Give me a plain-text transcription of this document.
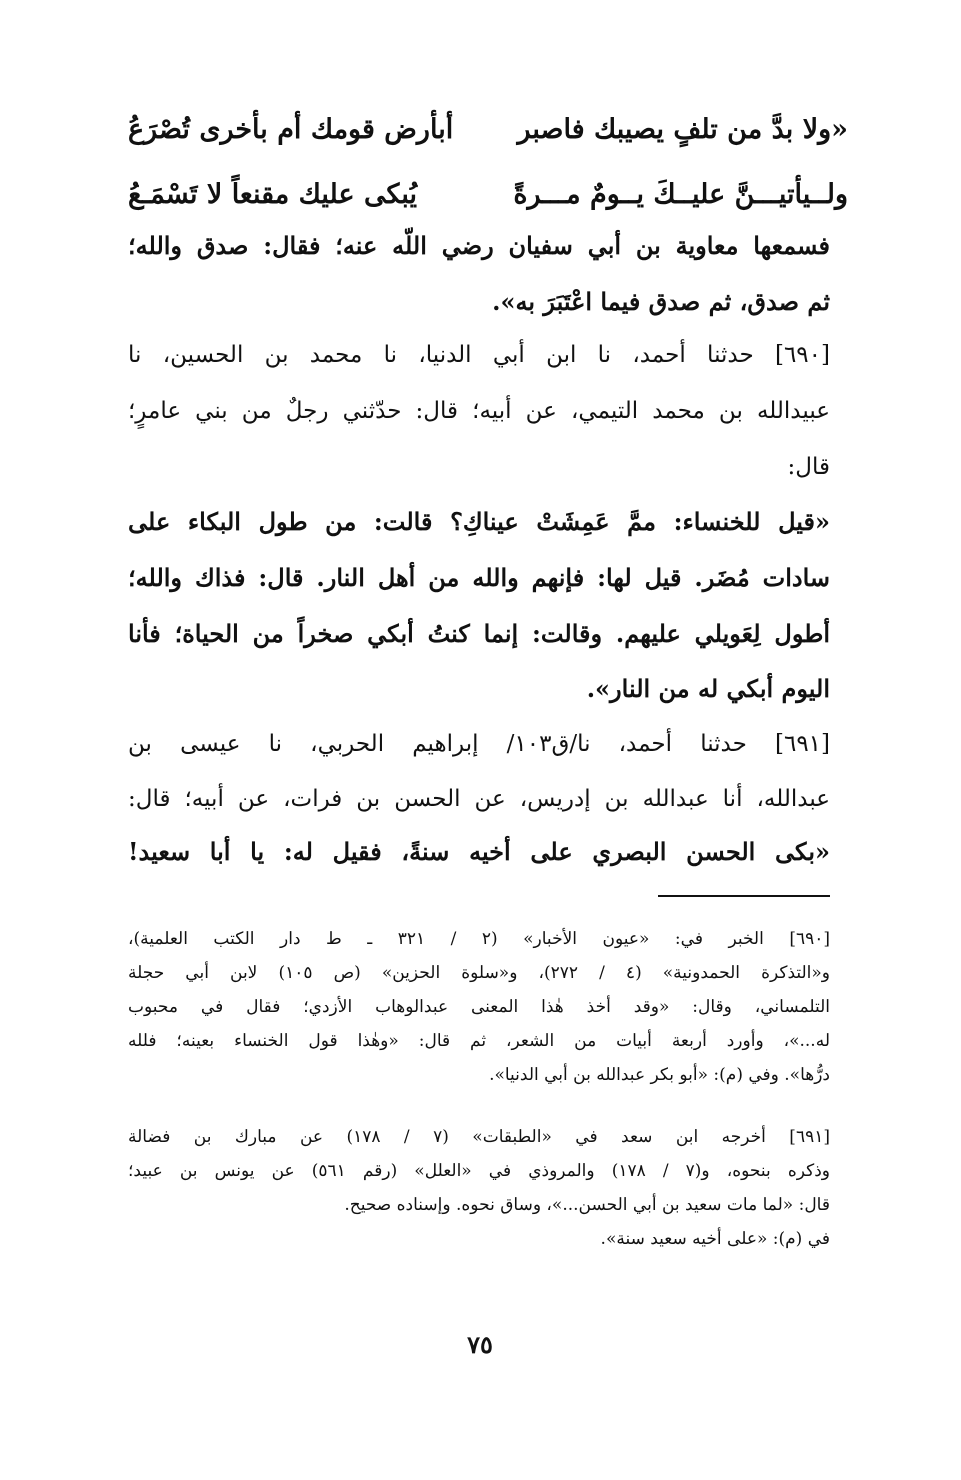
«ولا بدَّ من تلفٍ يصيبك فاصبر
أبأرض قومك أم بأخرى تُصْرَعُ
ولــيأتيـــنَّ عليــكَ يــومٌ مـــرةً
يُبكى عليك مقنعاً لا تَسْمَـعُ
فسمعها معاوية بن أبي سفيان رضي اللّه عنه؛ فقال: صدق والله؛
ثم صدق، ثم صدق فيما اعْتَبَرَ به».
[٦٩٠] حدثنا أحمد، نا ابن أبي الدنيا، نا محمد بن الحسين، نا
عبيدالله بن محمد التيمي، عن أبيه؛ قال: حدّثني رجلٌ من بني عامرٍ؛
قال:
«قيل للخنساء: ممَّ عَمِشَتْ عيناكِ؟ قالت: من طول البكاء على
سادات مُضَر. قيل لها: فإنهم والله من أهل النار. قال: فذاك والله؛
أطول لِعَويلي عليهم. وقالت: إنما كنتُ أبكي صخراً من الحياة؛ فأنا
اليوم أبكي له من النار».
[٦٩١] حدثنا أحمد، نا/ق١٠٣/ إبراهيم الحربي، نا عيسى بن
عبدالله، أنا عبدالله بن إدريس، عن الحسن بن فرات، عن أبيه؛ قال:
«بكى الحسن البصري على أخيه سنةً، فقيل له: يا أبا سعيد!
[٦٩٠] الخبر في: «عيون الأخبار» (٢ / ٣٢١ ـ ط دار الكتب العلمية)،
و«التذكرة الحمدونية» (٤ / ٢٧٢)، و«سلوة الحزين» (ص ١٠٥) لابن أبي حجلة
التلمساني، وقال: «وقد أخذ هٰذا المعنى عبدالوهاب الأزدي؛ فقال في محبوب
له...»، وأورد أربعة أبيات من الشعر، ثم قال: «وهٰذا قول الخنساء بعينه؛ فلله
درُّها». وفي (م): «أبو بكر عبدالله بن أبي الدنيا».
[٦٩١] أخرجه ابن سعد في «الطبقات» (٧ / ١٧٨) عن مبارك بن فضالة
وذكره بنحوه، و(٧ / ١٧٨) والمروذي في «العلل» (رقم ٥٦١) عن يونس بن عبيد؛
قال: «لما مات سعيد بن أبي الحسن...»، وساق نحوه. وإسناده صحيح.
في (م): «على أخيه سعيد سنة».
٧٥
